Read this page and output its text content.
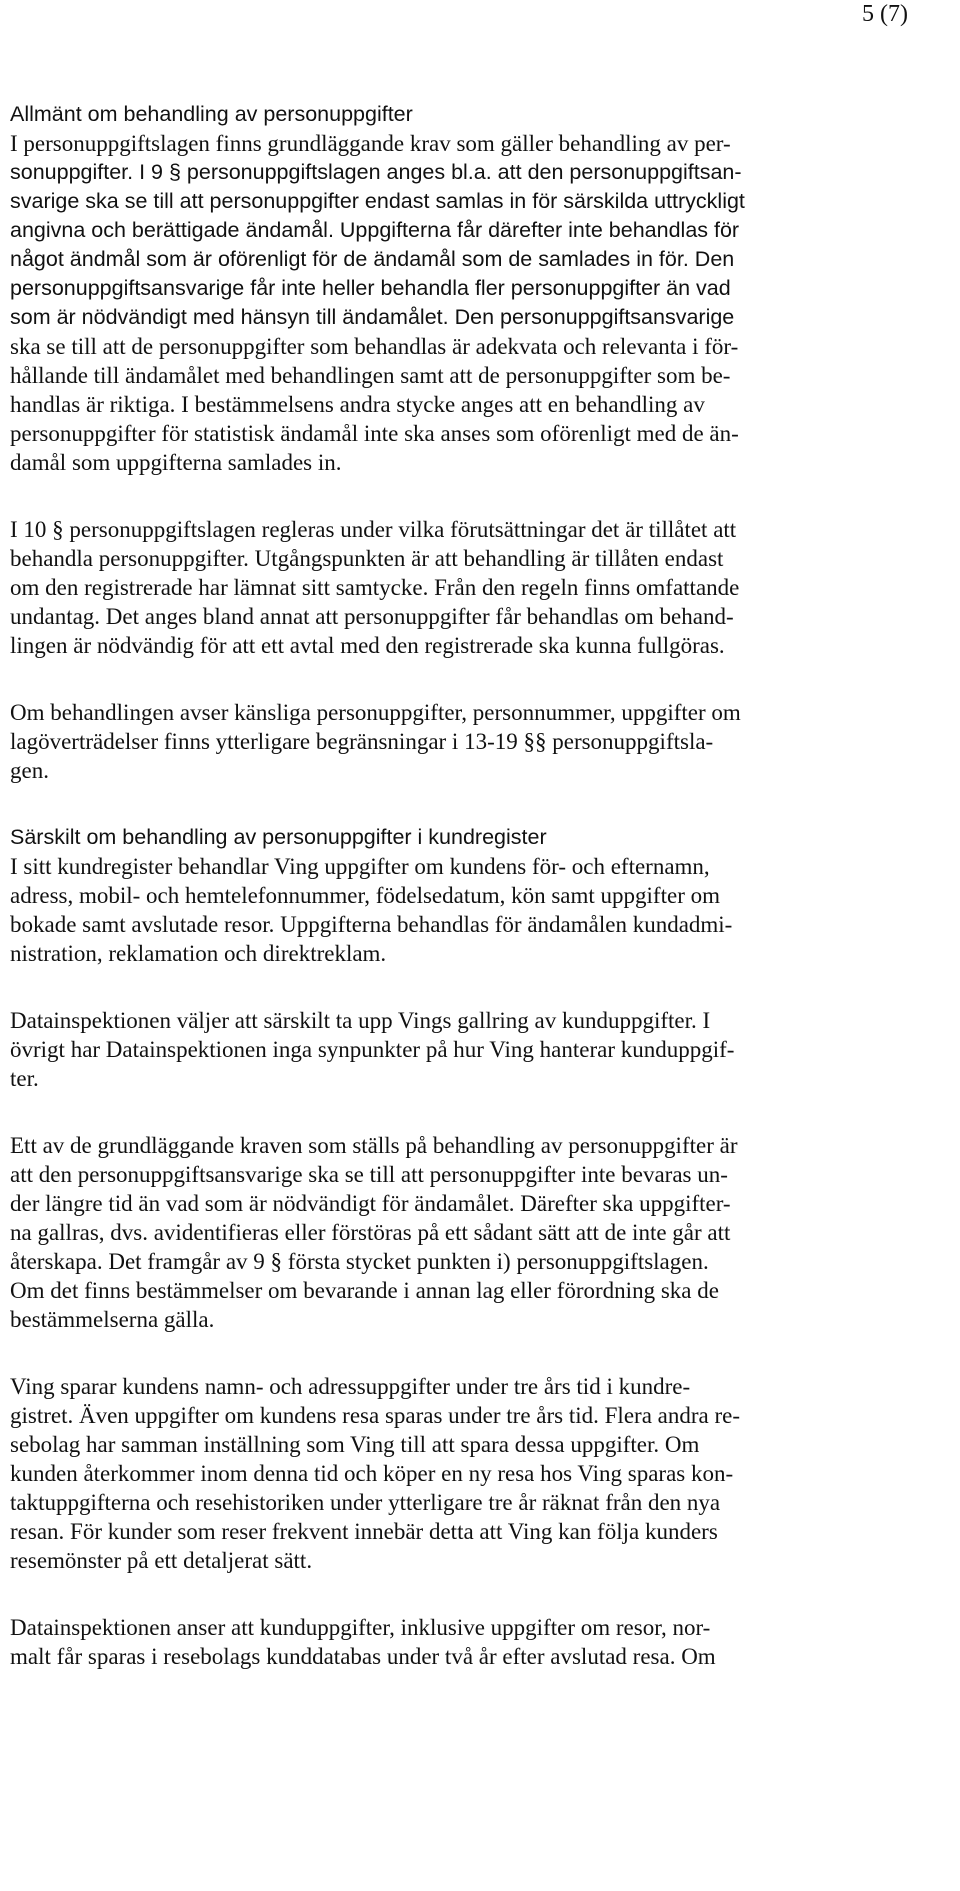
5 (7)
Allmänt om behandling av personuppgifter
I personuppgiftslagen finns grundläggande krav som gäller behandling av per-
sonuppgifter. I 9 § personuppgiftslagen anges bl.a. att den personuppgiftsan-
svarige ska se till att personuppgifter endast samlas in för särskilda uttryckligt
angivna och berättigade ändamål. Uppgifterna får därefter inte behandlas för
något ändmål som är oförenligt för de ändamål som de samlades in för. Den
personuppgiftsansvarige får inte heller behandla fler personuppgifter än vad
som är nödvändigt med hänsyn till ändamålet. Den personuppgiftsansvarige
ska se till att de personuppgifter som behandlas är adekvata och relevanta i för-
hållande till ändamålet med behandlingen samt att de personuppgifter som be-
handlas är riktiga. I bestämmelsens andra stycke anges att en behandling av
personuppgifter för statistisk ändamål inte ska anses som oförenligt med de än-
damål som uppgifterna samlades in.
I 10 § personuppgiftslagen regleras under vilka förutsättningar det är tillåtet att
behandla personuppgifter. Utgångspunkten är att behandling är tillåten endast
om den registrerade har lämnat sitt samtycke. Från den regeln finns omfattande
undantag. Det anges bland annat att personuppgifter får behandlas om behand-
lingen är nödvändig för att ett avtal med den registrerade ska kunna fullgöras.
Om behandlingen avser känsliga personuppgifter, personnummer, uppgifter om
lagöverträdelser finns ytterligare begränsningar i 13-19 §§ personuppgiftsla-
gen.
Särskilt om behandling av personuppgifter i kundregister
I sitt kundregister behandlar Ving uppgifter om kundens för- och efternamn,
adress, mobil- och hemtelefonnummer, födelsedatum, kön samt uppgifter om
bokade samt avslutade resor. Uppgifterna behandlas för ändamålen kundadmi-
nistration, reklamation och direktreklam.
Datainspektionen väljer att särskilt ta upp Vings gallring av kunduppgifter. I
övrigt har Datainspektionen inga synpunkter på hur Ving hanterar kunduppgif-
ter.
Ett av de grundläggande kraven som ställs på behandling av personuppgifter är
att den personuppgiftsansvarige ska se till att personuppgifter inte bevaras un-
der längre tid än vad som är nödvändigt för ändamålet. Därefter ska uppgifter-
na gallras, dvs. avidentifieras eller förstöras på ett sådant sätt att de inte går att
återskapa. Det framgår av 9 § första stycket punkten i) personuppgiftslagen.
Om det finns bestämmelser om bevarande i annan lag eller förordning ska de
bestämmelserna gälla.
Ving sparar kundens namn- och adressuppgifter under tre års tid i kundre-
gistret. Även uppgifter om kundens resa sparas under tre års tid. Flera andra re-
sebolag har samman inställning som Ving till att spara dessa uppgifter. Om
kunden återkommer inom denna tid och köper en ny resa hos Ving sparas kon-
taktuppgifterna och resehistoriken under ytterligare tre år räknat från den nya
resan. För kunder som reser frekvent innebär detta att Ving kan följa kunders
resemönster på ett detaljerat sätt.
Datainspektionen anser att kunduppgifter, inklusive uppgifter om resor, nor-
malt får sparas i resebolags kunddatabas under två år efter avslutad resa. Om
